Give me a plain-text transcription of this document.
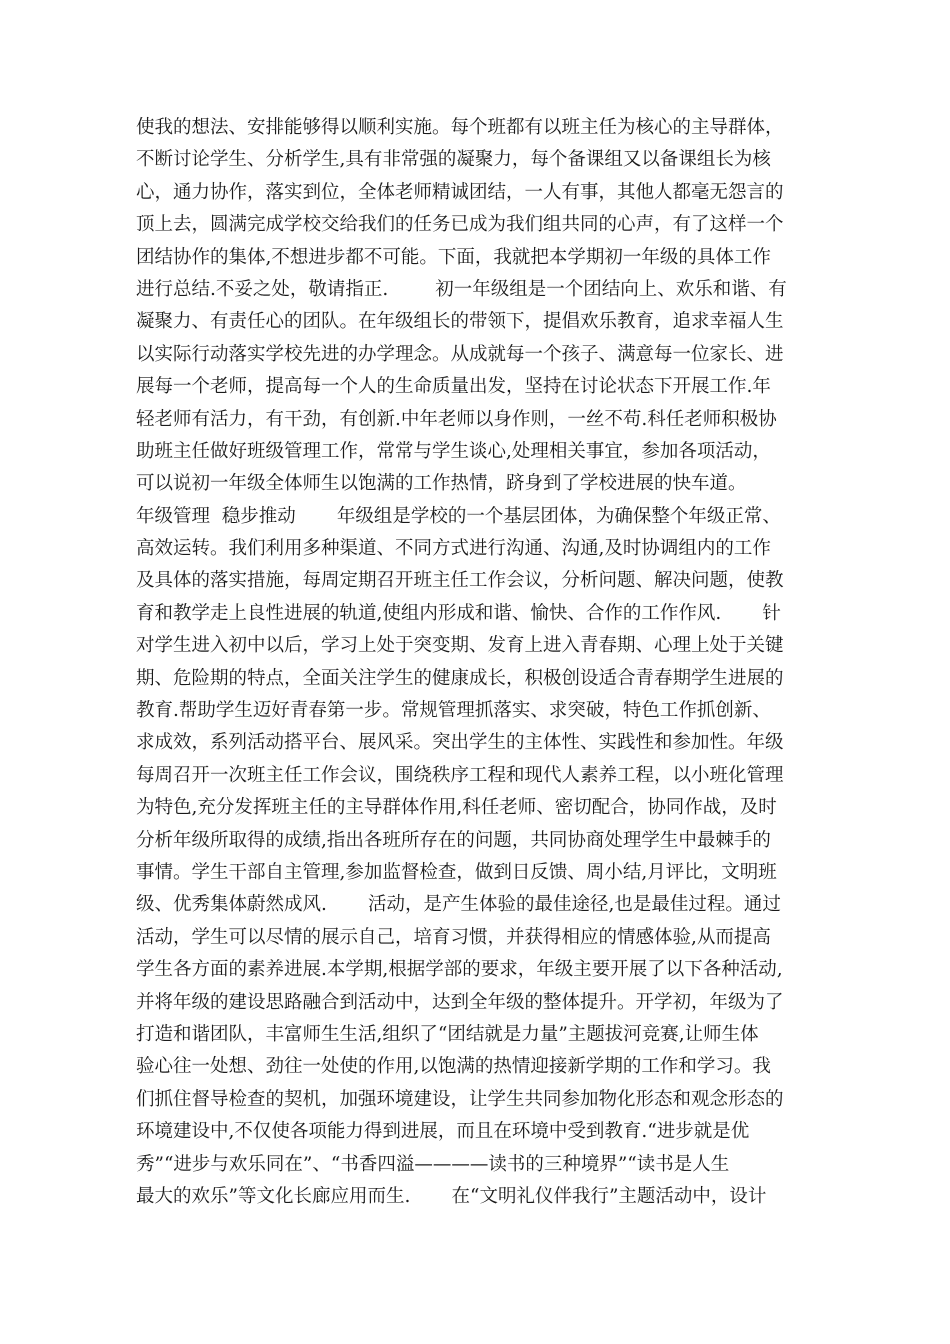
使我的想法、安排能够得以顺利实施。每个班都有以班主任为核心的主导群体，
不断讨论学生、分析学生,具有非常强的凝聚力，每个备课组又以备课组长为核
心，通力协作，落实到位，全体老师精诚团结，一人有事，其他人都毫无怨言的
顶上去，圆满完成学校交给我们的任务已成为我们组共同的心声，有了这样一个
团结协作的集体,不想进步都不可能。下面，我就把本学期初一年级的具体工作
进行总结.不妥之处，敬请指正.        初一年级组是一个团结向上、欢乐和谐、有
凝聚力、有责任心的团队。在年级组长的带领下，提倡欢乐教育，追求幸福人生
以实际行动落实学校先进的办学理念。从成就每一个孩子、满意每一位家长、进
展每一个老师，提高每一个人的生命质量出发，坚持在讨论状态下开展工作.年
轻老师有活力，有干劲，有创新.中年老师以身作则，一丝不苟.科任老师积极协
助班主任做好班级管理工作，常常与学生谈心,处理相关事宜，参加各项活动，
可以说初一年级全体师生以饱满的工作热情，跻身到了学校进展的快车道。
年级管理  稳步推动       年级组是学校的一个基层团体，为确保整个年级正常、
高效运转。我们利用多种渠道、不同方式进行沟通、沟通,及时协调组内的工作
及具体的落实措施，每周定期召开班主任工作会议，分析问题、解决问题，使教
育和教学走上良性进展的轨道,使组内形成和谐、愉快、合作的工作作风.       针
对学生进入初中以后，学习上处于突变期、发育上进入青春期、心理上处于关键
期、危险期的特点，全面关注学生的健康成长，积极创设适合青春期学生进展的
教育.帮助学生迈好青春第一步。常规管理抓落实、求突破，特色工作抓创新、
求成效，系列活动搭平台、展风采。突出学生的主体性、实践性和参加性。年级
每周召开一次班主任工作会议，围绕秩序工程和现代人素养工程，以小班化管理
为特色,充分发挥班主任的主导群体作用,科任老师、密切配合，协同作战，及时
分析年级所取得的成绩,指出各班所存在的问题，共同协商处理学生中最棘手的
事情。学生干部自主管理,参加监督检查，做到日反馈、周小结,月评比，文明班
级、优秀集体蔚然成风.       活动，是产生体验的最佳途径,也是最佳过程。通过
活动，学生可以尽情的展示自己，培育习惯，并获得相应的情感体验,从而提高
学生各方面的素养进展.本学期,根据学部的要求，年级主要开展了以下各种活动,
并将年级的建设思路融合到活动中，达到全年级的整体提升。开学初，年级为了
打造和谐团队，丰富师生生活,组织了“团结就是力量”主题拔河竞赛,让师生体
验心往一处想、劲往一处使的作用,以饱满的热情迎接新学期的工作和学习。我
们抓住督导检查的契机，加强环境建设，让学生共同参加物化形态和观念形态的
环境建设中,不仅使各项能力得到进展，而且在环境中受到教育.“进步就是优
秀”“进步与欢乐同在”、“书香四溢————读书的三种境界”“读书是人生
最大的欢乐”等文化长廊应用而生.       在“文明礼仪伴我行”主题活动中，设计
